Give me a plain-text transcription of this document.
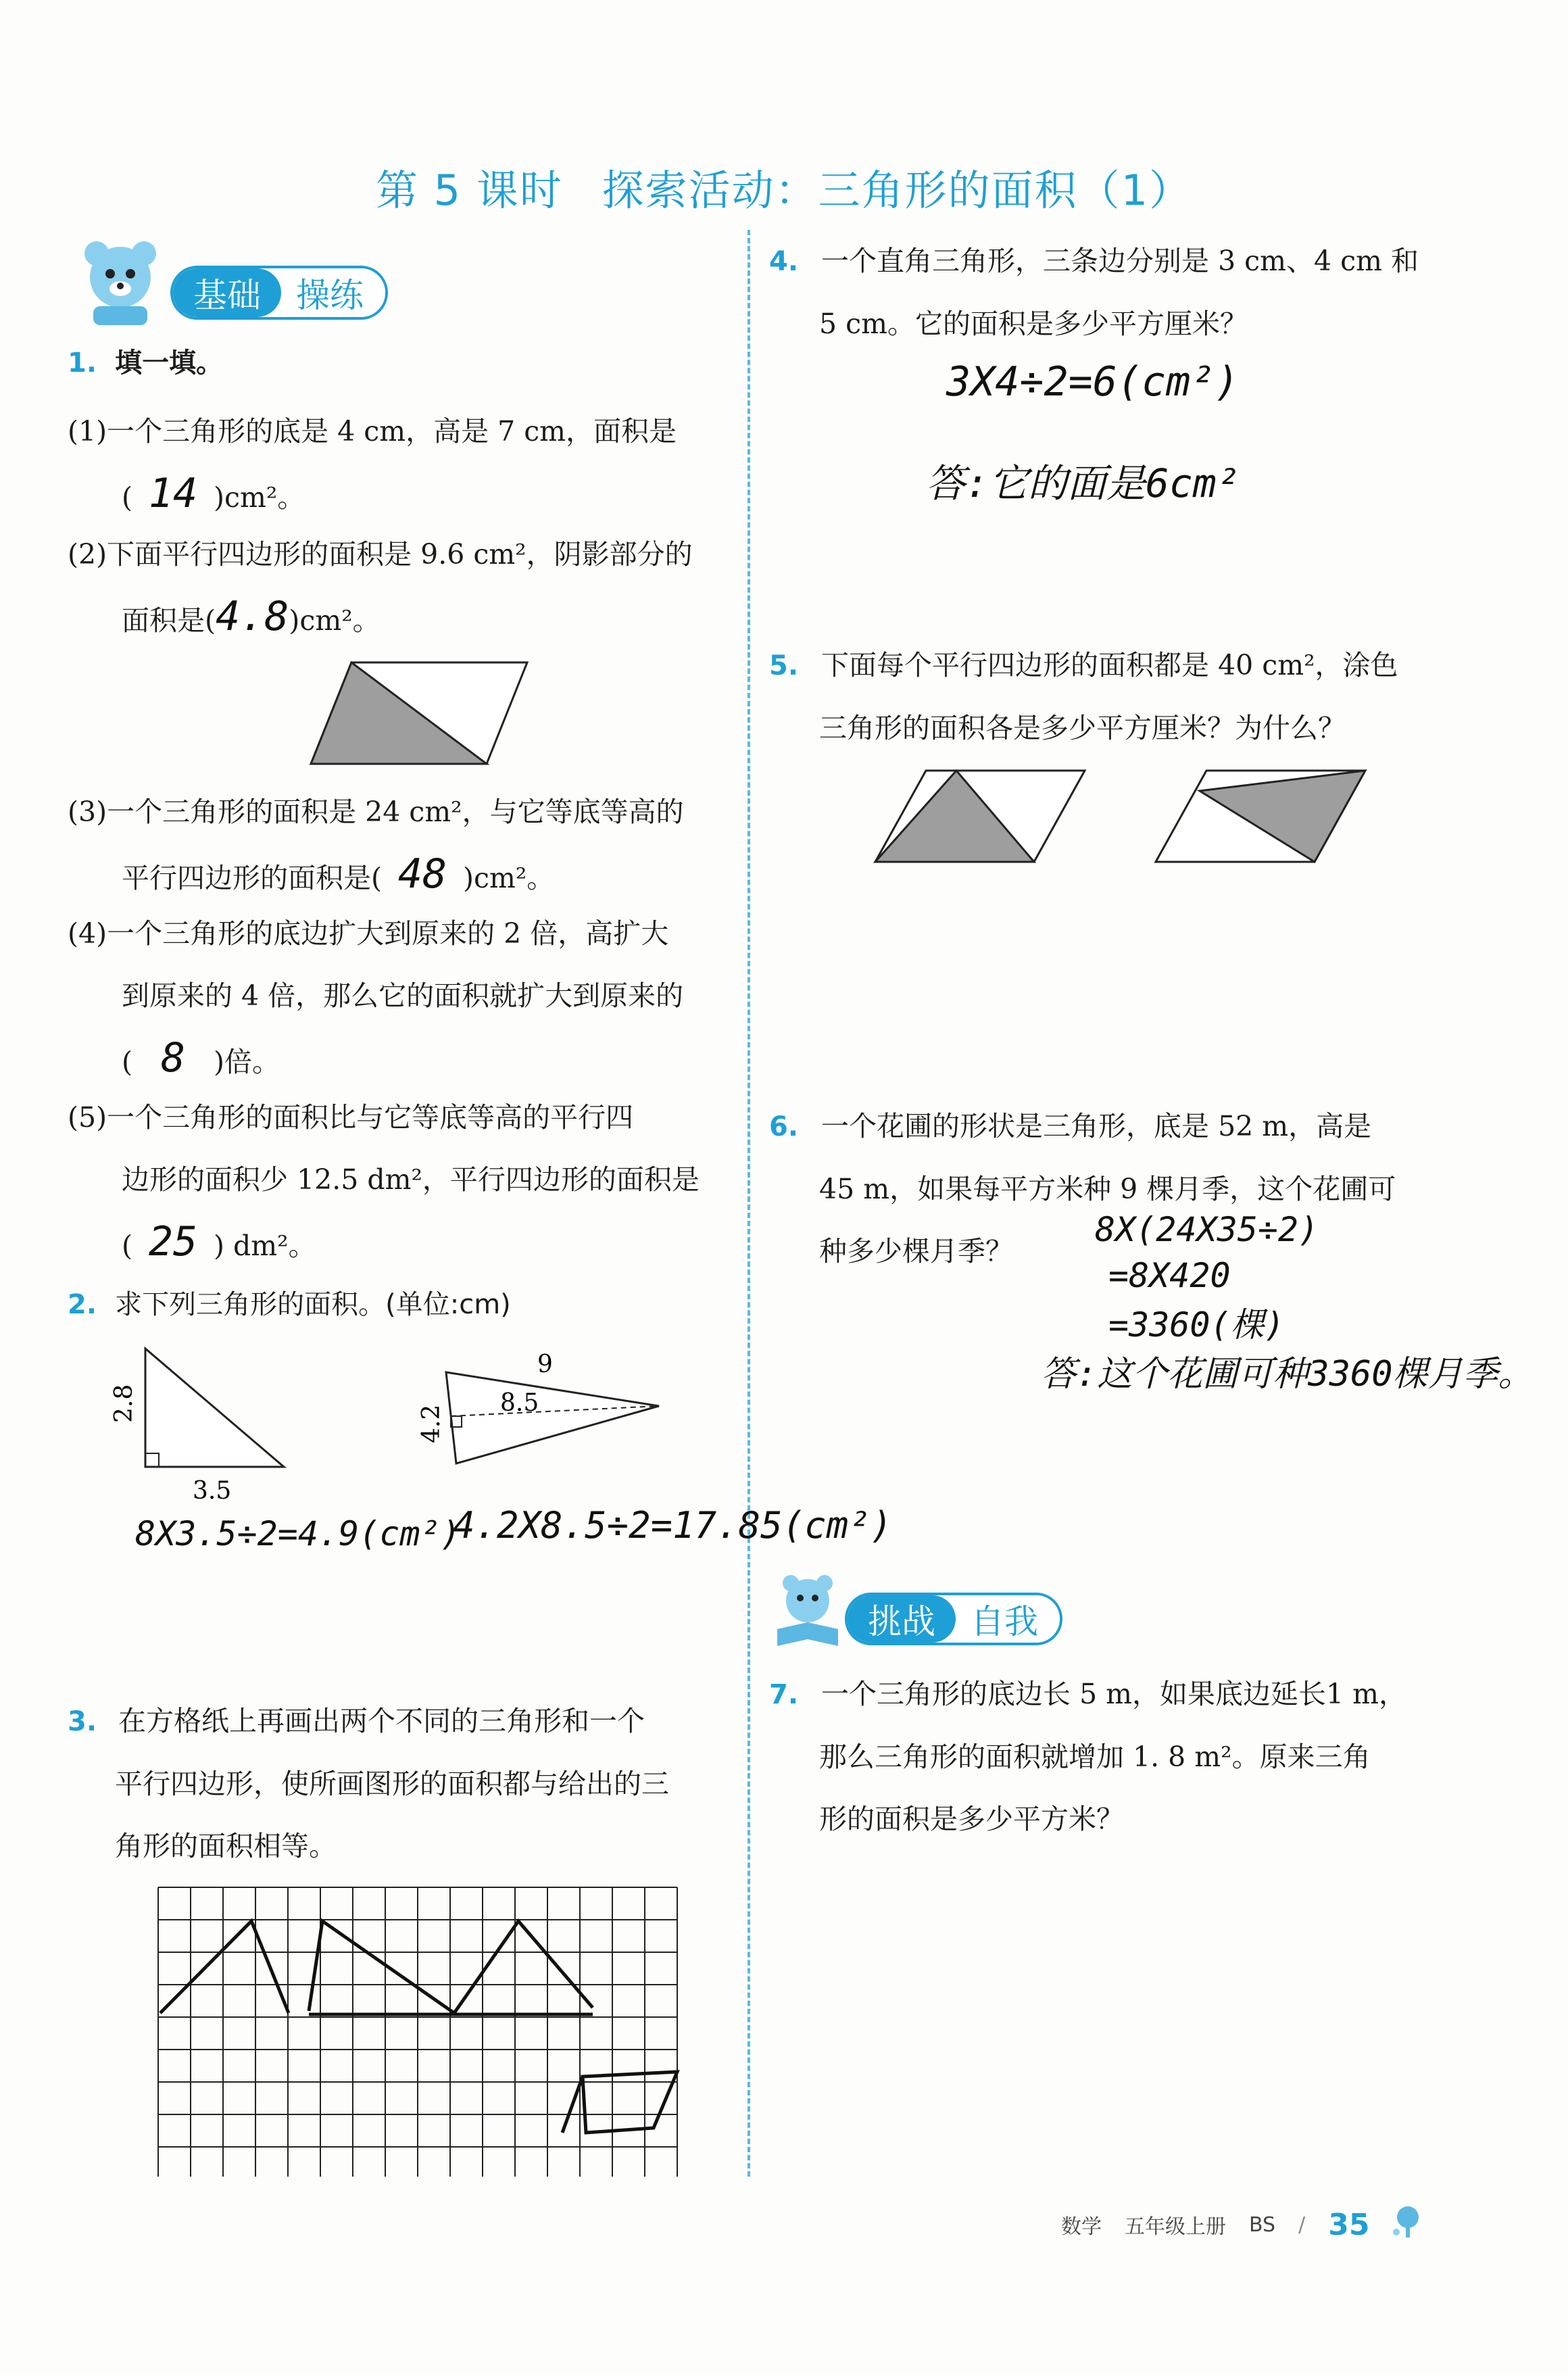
第 5 课时 探索活动：三角形的面积（1）
基础	操练
1. 填一填。
(1)一个三角形的底是 4 cm，高是 7 cm，面积是
( 14 )cm²。
(2)下面平行四边形的面积是 9.6 cm²，阴影部分的
面积是(4.8)cm²。
(3)一个三角形的面积是 24 cm²，与它等底等高的
平行四边形的面积是( 48 )cm²。
(4)一个三角形的底边扩大到原来的 2 倍，高扩大
到原来的 4 倍，那么它的面积就扩大到原来的
( 8 )倍。
(5)一个三角形的面积比与它等底等高的平行四
边形的面积少 12.5 dm²，平行四边形的面积是
( 25 ) dm²。
2. 求下列三角形的面积。(单位:cm)
2.8
3.5
9
8.5
4.2
8X3.5÷2=4.9(cm²)
4.2X8.5÷2=17.85(cm²)
3. 在方格纸上再画出两个不同的三角形和一个
平行四边形，使所画图形的面积都与给出的三
角形的面积相等。
4. 一个直角三角形，三条边分别是 3 cm、4 cm 和
5 cm。它的面积是多少平方厘米？
3X4÷2=6(cm²)
答:它的面是6cm²
5. 下面每个平行四边形的面积都是 40 cm²，涂色
三角形的面积各是多少平方厘米？为什么？
6. 一个花圃的形状是三角形，底是 52 m，高是
45 m，如果每平方米种 9 棵月季，这个花圃可
种多少棵月季？
8X(24X35÷2)
=8X420
=3360(棵)
答:这个花圃可种3360棵月季。
挑战	自我
7. 一个三角形的底边长 5 m，如果底边延长1 m，
那么三角形的面积就增加 1. 8 m²。原来三角
形的面积是多少平方米？
数学 五年级上册 BS / 35
